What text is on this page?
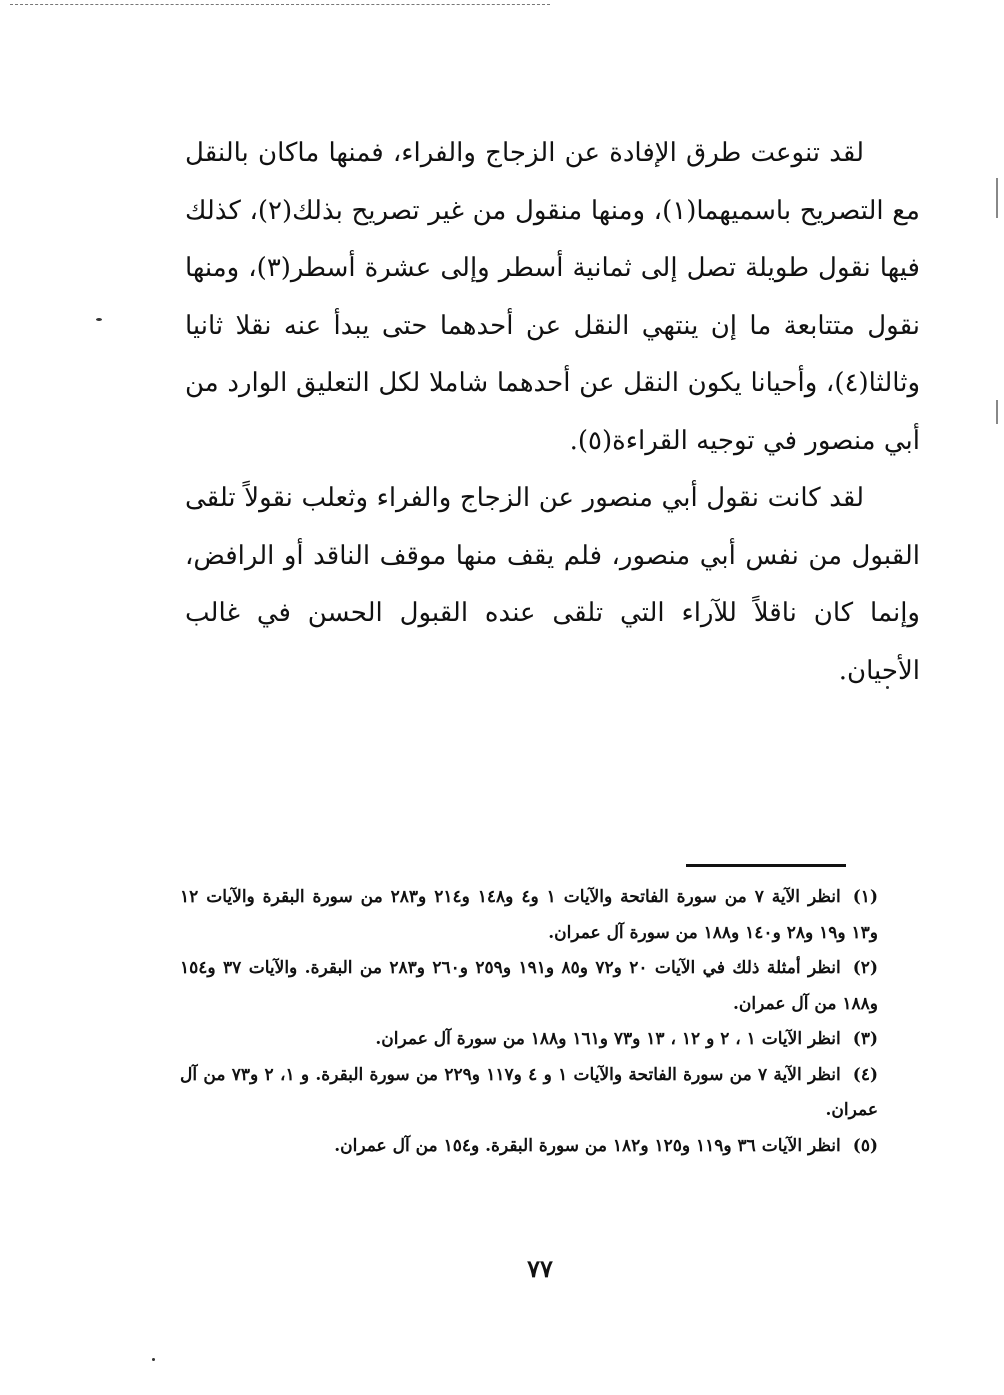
لقد تنوعت طرق الإفادة عن الزجاج والفراء، فمنها ماكان بالنقل مع التصريح باسميهما(١)، ومنها منقول من غير تصريح بذلك(٢)، كذلك فيها نقول طويلة تصل إلى ثمانية أسطر وإلى عشرة أسطر(٣)، ومنها نقول متتابعة ما إن ينتهي النقل عن أحدهما حتى يبدأ عنه نقلا ثانيا وثالثا(٤)، وأحيانا يكون النقل عن أحدهما شاملا لكل التعليق الوارد من أبي منصور في توجيه القراءة(٥).

لقد كانت نقول أبي منصور عن الزجاج والفراء وثعلب نقولاً تلقى القبول من نفس أبي منصور، فلم يقف منها موقف الناقد أو الرافض، وإنما كان ناقلاً للآراء التي تلقى عنده القبول الحسن في غالب الأحيان.

(١)انظر الآية ٧ من سورة الفاتحة والآيات ١ و٤ و١٤٨ و٢١٤ و٢٨٣ من سورة البقرة والآيات ١٢ و١٣ و١٩ و٢٨ و١٤٠ و١٨٨ من سورة آل عمران.

(٢)انظر أمثلة ذلك في الآيات ٢٠ و٧٢ و٨٥ و١٩١ و٢٥٩ و٢٦٠ و٢٨٣ من البقرة. والآيات ٣٧ و١٥٤ و١٨٨ من آل عمران.

(٣)انظر الآيات ١ ، ٢ و ١٢ ، ١٣ و٧٣ و١٦١ و١٨٨ من سورة آل عمران.

(٤)انظر الآية ٧ من سورة الفاتحة والآيات ١ و ٤ و١١٧ و٢٢٩ من سورة البقرة. و ١، ٢ و٧٣ من آل عمران.

(٥)انظر الآيات ٣٦ و١١٩ و١٢٥ و١٨٢ من سورة البقرة. و١٥٤ من آل عمران.

٧٧
